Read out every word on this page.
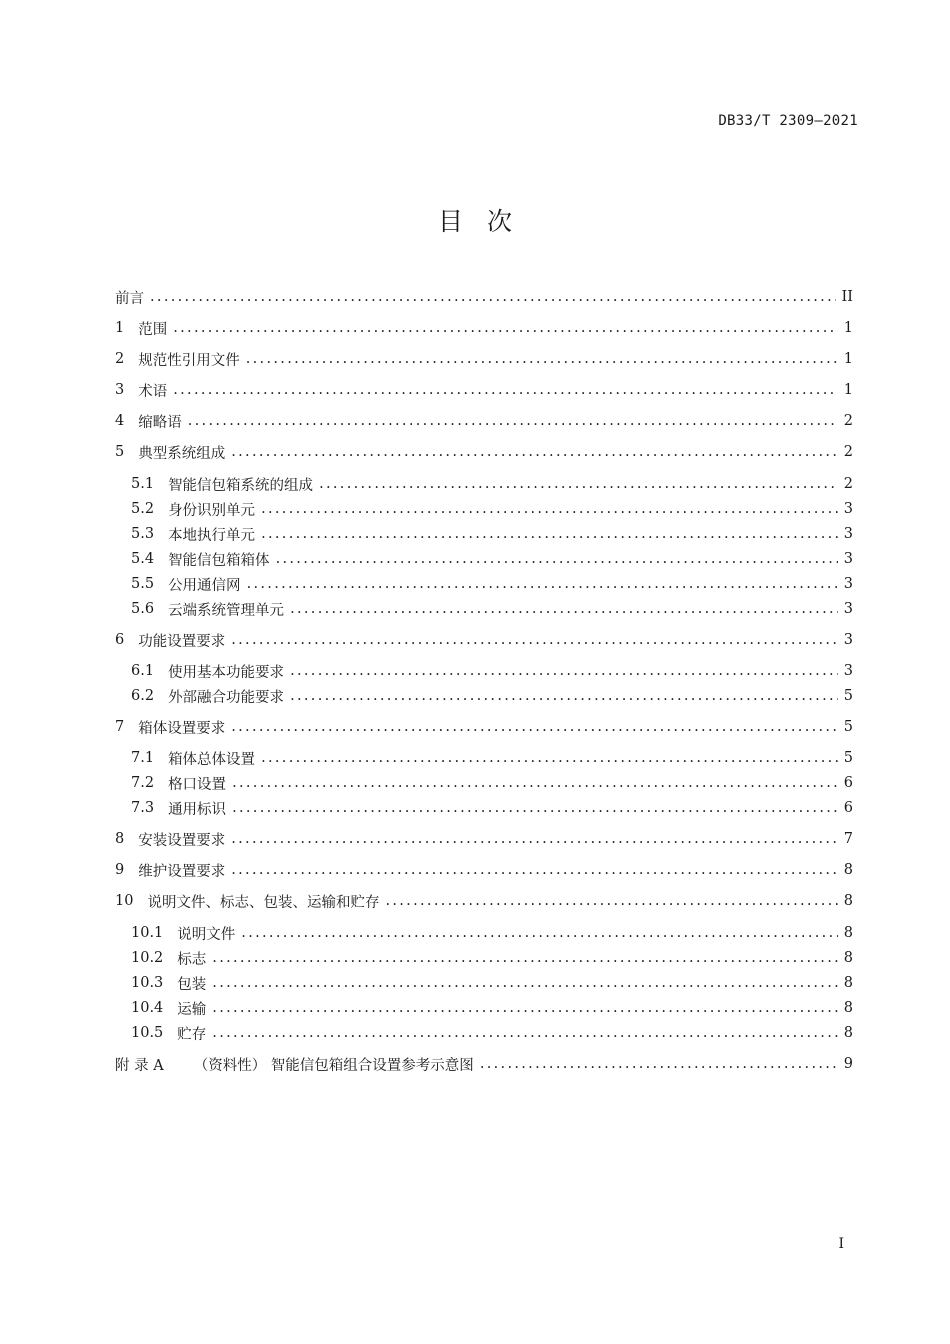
DB33/T 2309—2021
目 次
前言 .....	II
1 范围 .....	1
2 规范性引用文件 .....	1
3 术语 .....	1
4 缩略语 .....	2
5 典型系统组成 .....	2
5.1 智能信包箱系统的组成 .....	2
5.2 身份识别单元 .....	3
5.3 本地执行单元 .....	3
5.4 智能信包箱箱体 .....	3
5.5 公用通信网 .....	3
5.6 云端系统管理单元 .....	3
6 功能设置要求 .....	3
6.1 使用基本功能要求 .....	3
6.2 外部融合功能要求 .....	5
7 箱体设置要求 .....	5
7.1 箱体总体设置 .....	5
7.2 格口设置 .....	6
7.3 通用标识 .....	6
8 安装设置要求 .....	7
9 维护设置要求 .....	8
10 说明文件、标志、包装、运输和贮存 .....	8
10.1 说明文件 .....	8
10.2 标志 .....	8
10.3 包装 .....	8
10.4 运输 .....	8
10.5 贮存 .....	8
附 录 A （资料性） 智能信包箱组合设置参考示意图 .....	9
I
